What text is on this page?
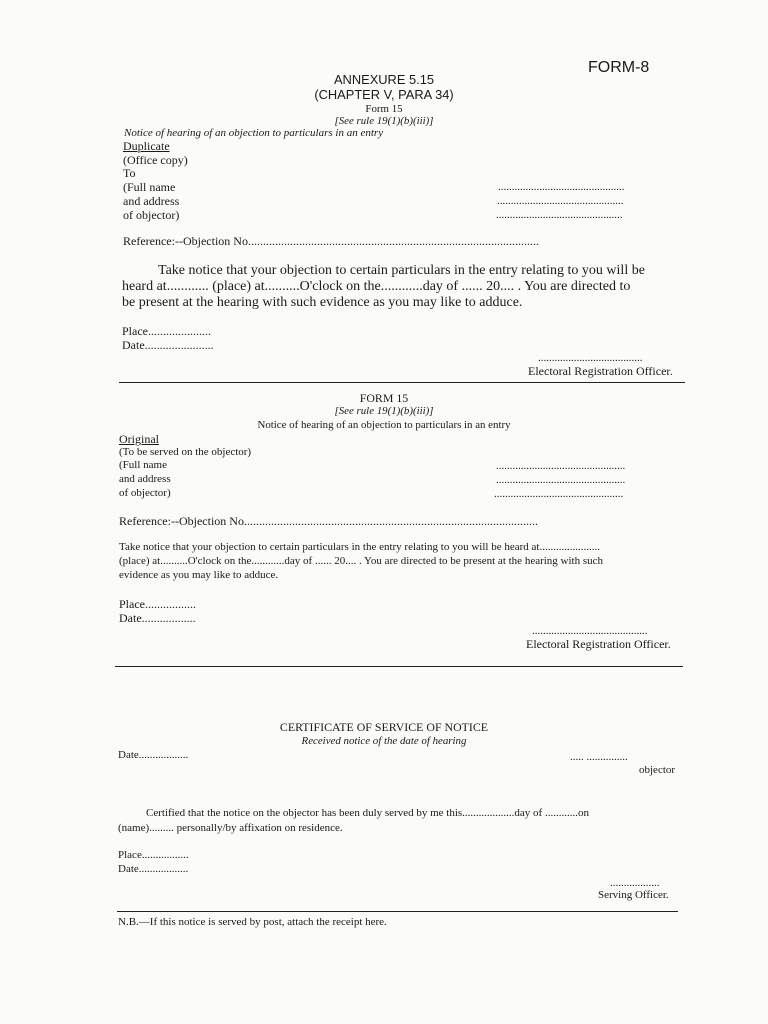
FORM-8
ANNEXURE 5.15
(CHAPTER V, PARA 34)
Form 15
[See rule 19(1)(b)(iii)]
Notice of hearing of an objection to particulars in an entry
Duplicate
(Office copy)
To
(Full name
and address
of objector)
..............................................
..............................................
..............................................
Reference:--Objection No.................................................................................................
Take notice that your objection to certain particulars in the entry relating to you will be
heard at............ (place) at..........O'clock on the............day of ...... 20.... . You are directed to
be present at the hearing with such evidence as you may like to adduce.
Place.....................
Date.......................
......................................
Electoral Registration Officer.
FORM 15
[See rule 19(1)(b)(iii)]
Notice of hearing of an objection to particulars in an entry
Original
(To be served on the objector)
(Full name
and address
of objector)
...............................................
...............................................
...............................................
Reference:--Objection No..................................................................................................
Take notice that your objection to certain particulars in the entry relating to you will be heard at......................
(place) at..........O'clock on the............day of ...... 20.... . You are directed to be present at the hearing with such
evidence as you may like to adduce.
Place.................
Date..................
..........................................
Electoral Registration Officer.
CERTIFICATE OF SERVICE OF NOTICE
Received notice of the date of hearing
Date..................	..... ...............
objector
Certified that the notice on the objector has been duly served by me this...................day of ............on
(name)......... personally/by affixation on residence.
Place.................
Date..................
..................
Serving Officer.
N.B.—If this notice is served by post, attach the receipt here.
